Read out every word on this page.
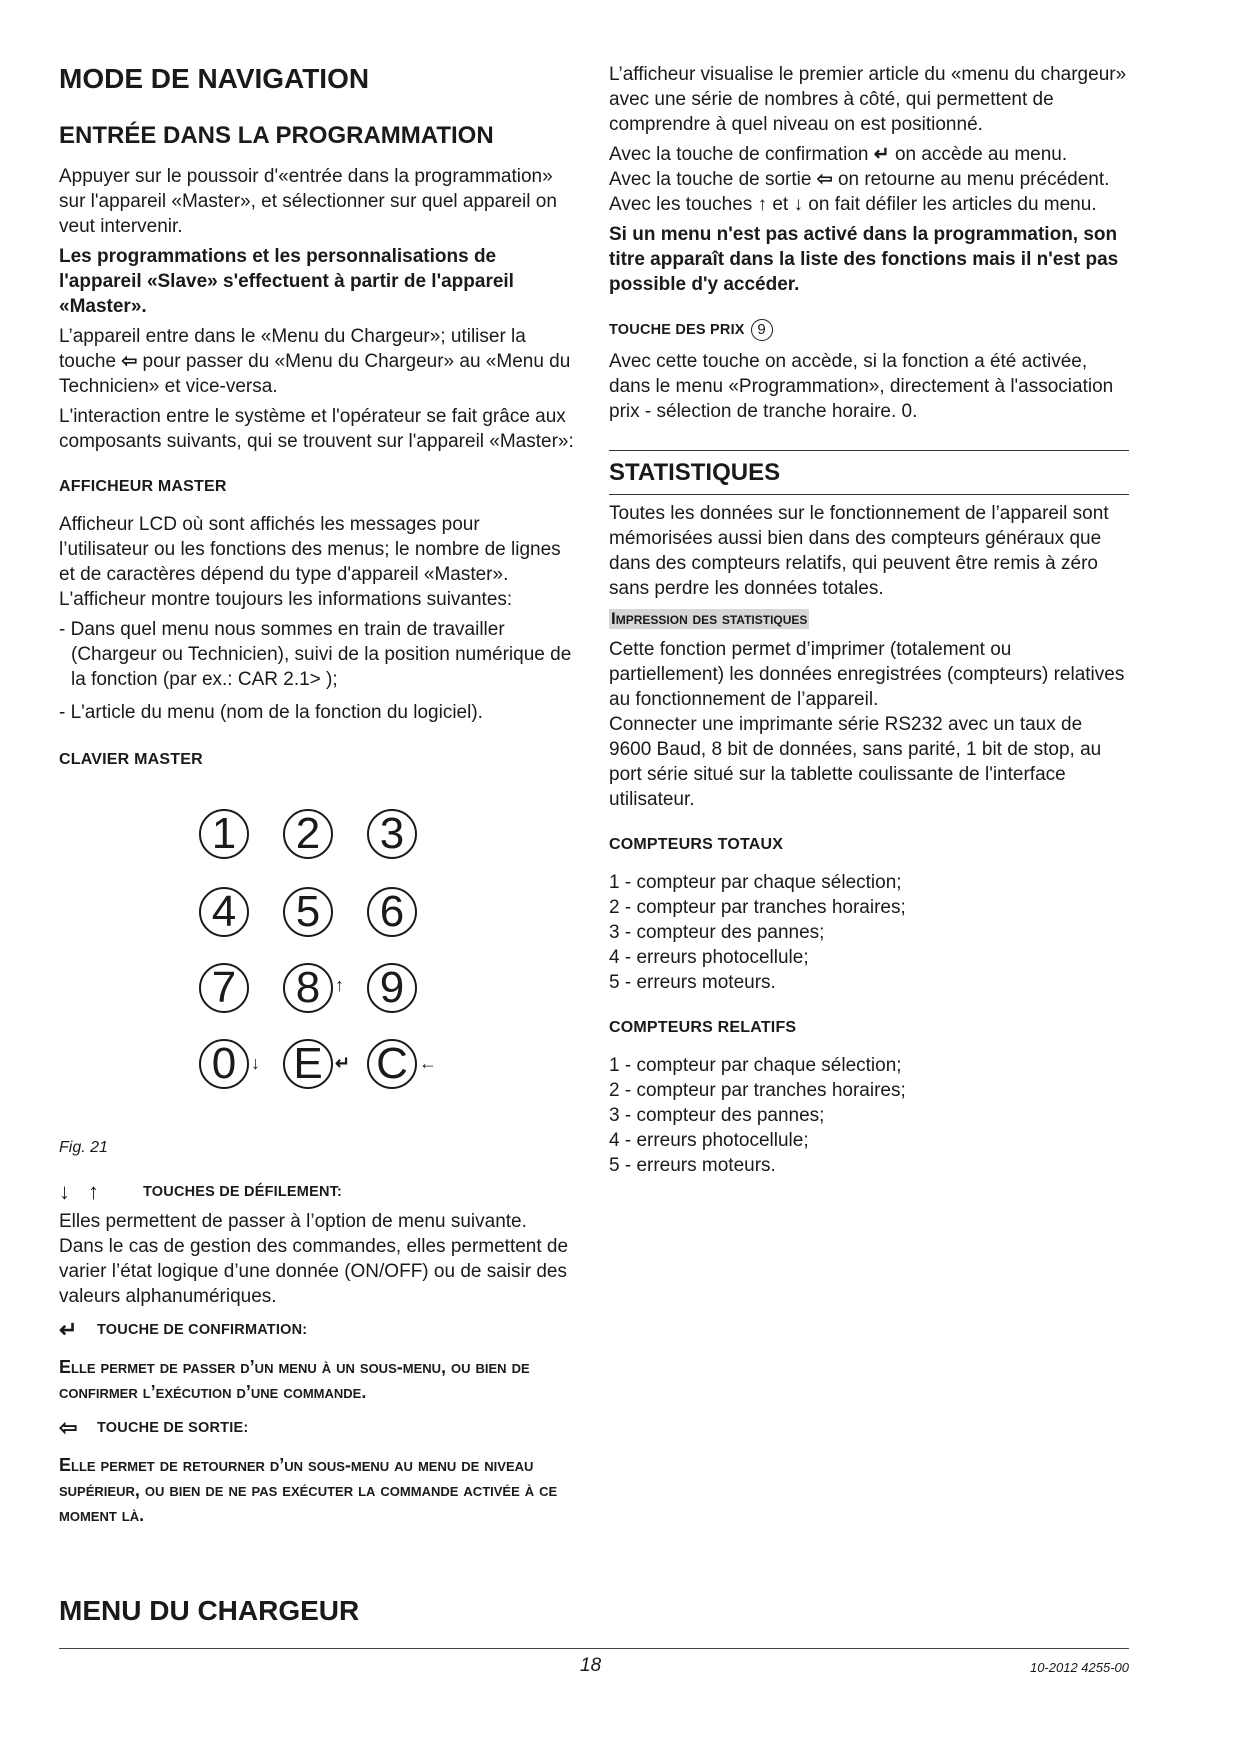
MODE DE NAVIGATION
ENTRÉE DANS LA PROGRAMMATION

Appuyer sur le poussoir d'«entrée dans la programmation» sur l'appareil «Master», et sélectionner sur quel appareil on veut intervenir.

Les programmations et les personnalisations de l'appareil «Slave» s'effectuent à partir de l'appareil «Master».

L’appareil entre dans le «Menu du Chargeur»; utiliser la touche ⇦ pour passer du «Menu du Chargeur» au «Menu du Technicien» et vice-versa.

L'interaction entre le système et l'opérateur se fait grâce aux composants suivants, qui se trouvent sur l'appareil «Master»:

AFFICHEUR MASTER

Afficheur LCD où sont affichés les messages pour l’utilisateur ou les fonctions des menus; le nombre de lignes et de caractères dépend du type d'appareil «Master». L'afficheur montre toujours les informations suivantes:

- Dans quel menu nous sommes en train de travailler (Chargeur ou Technicien), suivi de la position numérique de la fonction (par ex.: CAR 2.1> );
- L'article du menu (nom de la fonction du logiciel).
CLAVIER MASTER
1 2 3
4 5 6
7 8 ↑ 9
0 ↓ E ↵ C ←
Fig. 21
↓ ↑	TOUCHES DE DÉFILEMENT:

Elles permettent de passer à l’option de menu suivante. Dans le cas de gestion des commandes, elles permettent de varier l’état logique d’une donnée (ON/OFF) ou de saisir des valeurs alphanumériques.

↵	TOUCHE DE CONFIRMATION:

Elle permet de passer d’un menu à un sous-menu, ou bien de confirmer l’exécution d’une commande.

⇦	TOUCHE DE SORTIE:

Elle permet de retourner d’un sous-menu au menu de niveau supérieur, ou bien de ne pas exécuter la commande activée à ce moment là.

L’afficheur visualise le premier article du «menu du chargeur» avec une série de nombres à côté, qui permettent de comprendre à quel niveau on est positionné.

Avec la touche de confirmation ↵ on accède au menu.

Avec la touche de sortie ⇦ on retourne au menu précédent.

Avec les touches ↑ et ↓ on fait défiler les articles du menu.

Si un menu n'est pas activé dans la programmation, son titre apparaît dans la liste des fonctions mais il n'est pas possible d'y accéder.

TOUCHE DES PRIX 9

Avec cette touche on accède, si la fonction a été activée, dans le menu «Programmation», directement à l'association prix - sélection de tranche horaire. 0.

STATISTIQUES

Toutes les données sur le fonctionnement de l’appareil sont mémorisées aussi bien dans des compteurs généraux que dans des compteurs relatifs, qui peuvent être remis à zéro sans perdre les données totales.

Impression des statistiques

Cette fonction permet d’imprimer (totalement ou partiellement) les données enregistrées (compteurs) relatives au fonctionnement de l’appareil.

Connecter une imprimante série RS232 avec un taux de 9600 Baud, 8 bit de données, sans parité, 1 bit de stop, au port série situé sur la tablette coulissante de l'interface utilisateur.

COMPTEURS TOTAUX

1 - compteur par chaque sélection;

2 - compteur par tranches horaires;

3 - compteur des pannes;

4 - erreurs photocellule;

5 - erreurs moteurs.

COMPTEURS RELATIFS

1 - compteur par chaque sélection;

2 - compteur par tranches horaires;

3 - compteur des pannes;

4 - erreurs photocellule;

5 - erreurs moteurs.

MENU DU CHARGEUR
18	10-2012 4255-00
